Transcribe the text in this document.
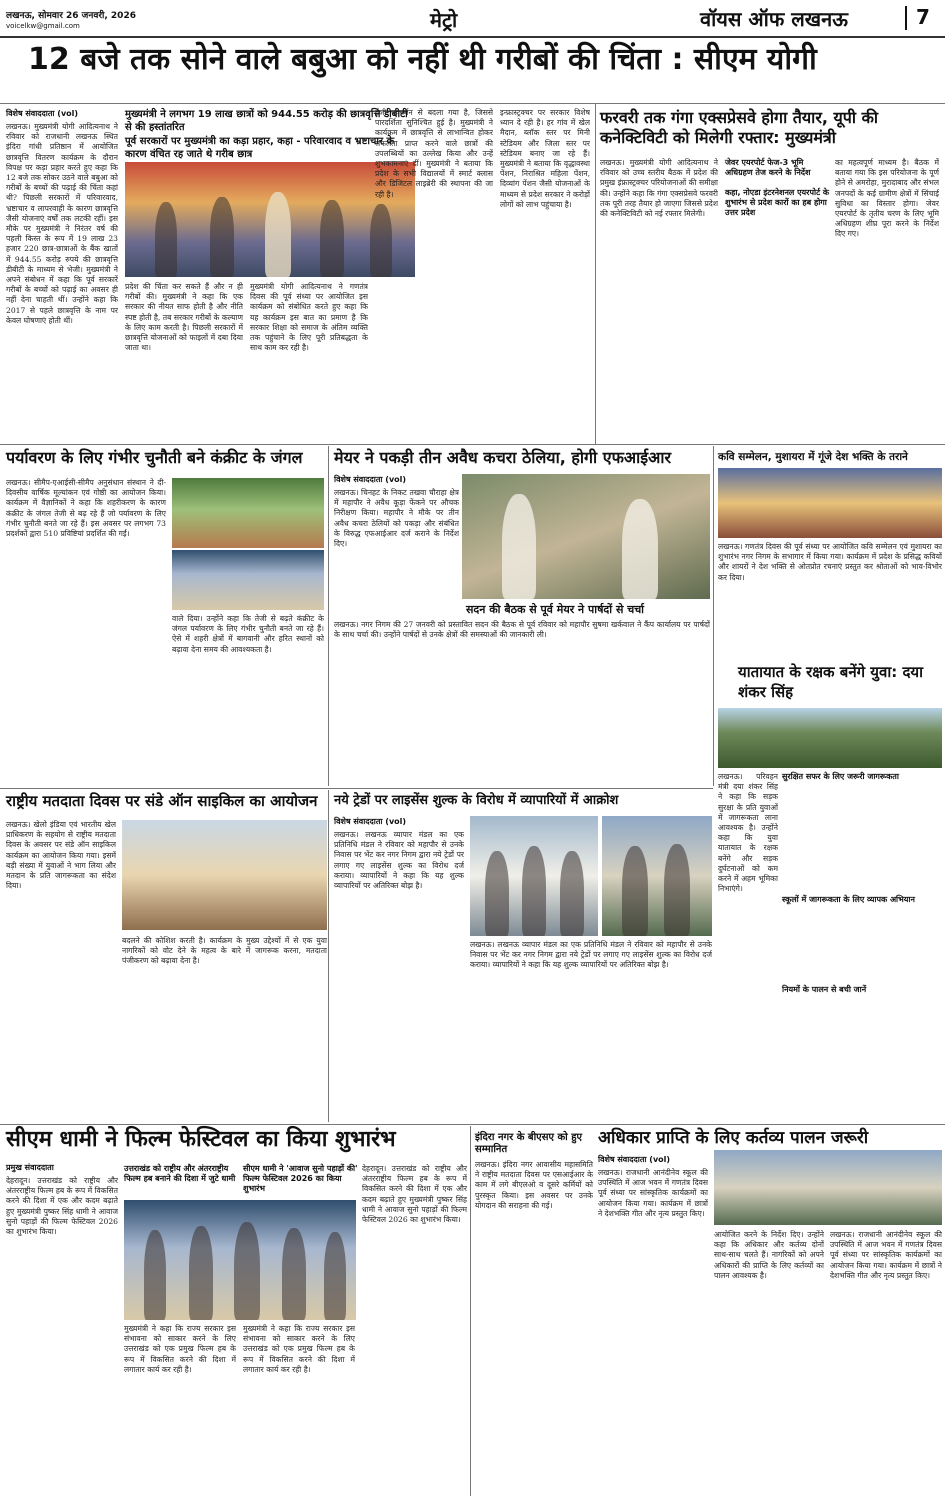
लखनऊ, सोमवार 26 जनवरी, 2026
voicelkw@gmail.com	मेट्रो	वॉयस ऑफ लखनऊ	7
12 बजे तक सोने वाले बबुआ को नहीं थी गरीबों की चिंता : सीएम योगी
विशेष संवाददाता (vol)
लखनऊ। मुख्यमंत्री योगी आदित्यनाथ ने रविवार को राजधानी लखनऊ स्थित इंदिरा गांधी प्रतिष्ठान में आयोजित छात्रवृत्ति वितरण कार्यक्रम के दौरान विपक्ष पर कड़ा प्रहार करते हुए कहा कि 12 बजे तक सोकर उठने वाले बबुआ को गरीबों के बच्चों की पढ़ाई की चिंता कहां थी? पिछली सरकारों में परिवारवाद, भ्रष्टाचार व लापरवाही के कारण छात्रवृत्ति जैसी योजनाएं वर्षों तक लटकी रहीं। इस मौके पर मुख्यमंत्री ने निरंतर वर्ष की पहली किस्त के रूप में 19 लाख 23 हजार 220 छात्र-छात्राओं के बैंक खातों में 944.55 करोड़ रुपये की छात्रवृत्ति डीबीटी के माध्यम से भेजी। मुख्यमंत्री ने अपने संबोधन में कहा कि पूर्व सरकारें गरीबों के बच्चों को पढ़ाई का अवसर ही नहीं देना चाहती थीं। उन्होंने कहा कि 2017 से पहले छात्रवृत्ति के नाम पर केवल घोषणाएं होती थीं।
मुख्यमंत्री ने लगभग 19 लाख छात्रों को 944.55 करोड़ की छात्रवृत्ति डीबीटी से की हस्तांतरित
पूर्व सरकारों पर मुख्यमंत्री का कड़ा प्रहार, कहा - परिवारवाद व भ्रष्टाचार के कारण वंचित रह जाते थे गरीब छात्र
प्रदेश की चिंता कर सकते हैं और न ही गरीबों की। मुख्यमंत्री ने कहा कि एक सरकार की नीयत साफ होती है और नीति स्पष्ट होती है, तब सरकार गरीबों के कल्याण के लिए काम करती है। पिछली सरकारों में छात्रवृत्ति योजनाओं को फाइलों में दबा दिया जाता था।
मुख्यमंत्री योगी आदित्यनाथ ने गणतंत्र दिवस की पूर्व संध्या पर आयोजित इस कार्यक्रम को संबोधित करते हुए कहा कि यह कार्यक्रम इस बात का प्रमाण है कि सरकार शिक्षा को समाज के अंतिम व्यक्ति तक पहुंचाने के लिए पूरी प्रतिबद्धता के साथ काम कर रही है।
ईजी नवनर्मन से बदला गया है, जिससे पारदर्शिता सुनिश्चित हुई है। मुख्यमंत्री ने कार्यक्रम में छात्रवृत्ति से लाभान्वित होकर सफलता प्राप्त करने वाले छात्रों की उपलब्धियों का उल्लेख किया और उन्हें शुभकामनाएं दीं। मुख्यमंत्री ने बताया कि प्रदेश के सभी विद्यालयों में स्मार्ट क्लास और डिजिटल लाइब्रेरी की स्थापना की जा रही है।
इन्फ्रास्ट्रक्चर पर सरकार विशेष ध्यान दे रही है। हर गांव में खेल मैदान, ब्लॉक स्तर पर मिनी स्टेडियम और जिला स्तर पर स्टेडियम बनाए जा रहे हैं। मुख्यमंत्री ने बताया कि वृद्धावस्था पेंशन, निराश्रित महिला पेंशन, दिव्यांग पेंशन जैसी योजनाओं के माध्यम से प्रदेश सरकार ने करोड़ों लोगों को लाभ पहुंचाया है।
फरवरी तक गंगा एक्सप्रेसवे होगा तैयार, यूपी की कनेक्टिविटी को मिलेगी रफ्तार: मुख्यमंत्री
लखनऊ। मुख्यमंत्री योगी आदित्यनाथ ने रविवार को उच्च स्तरीय बैठक में प्रदेश की प्रमुख इंफ्रास्ट्रक्चर परियोजनाओं की समीक्षा की। उन्होंने कहा कि गंगा एक्सप्रेसवे फरवरी तक पूरी तरह तैयार हो जाएगा जिससे प्रदेश की कनेक्टिविटी को नई रफ्तार मिलेगी।
जेवर एयरपोर्ट फेज-3 भूमि अधिग्रहण तेज करने के निर्देश
कहा, नोएडा इंटरनेशनल एयरपोर्ट के शुभारंभ से प्रदेश कारों का हब होगा उत्तर प्रदेश
का महत्वपूर्ण माध्यम है। बैठक में बताया गया कि इस परियोजना के पूर्ण होने से अमरोहा, मुरादाबाद और संभल जनपदों के कई ग्रामीण क्षेत्रों में सिंचाई सुविधा का विस्तार होगा। जेवर एयरपोर्ट के तृतीय चरण के लिए भूमि अधिग्रहण शीघ्र पूरा करने के निर्देश दिए गए।
पर्यावरण के लिए गंभीर चुनौती बने कंक्रीट के जंगल
लखनऊ। सीमैप-एआईसी-सीमैप अनुसंधान संस्थान ने दी-दिवसीय वार्षिक मूल्यांकन एवं गोष्ठी का आयोजन किया। कार्यक्रम में वैज्ञानिकों ने कहा कि शहरीकरण के कारण कंक्रीट के जंगल तेजी से बढ़ रहे हैं जो पर्यावरण के लिए गंभीर चुनौती बनते जा रहे हैं। इस अवसर पर लगभग 73 प्रदर्शकों द्वारा 510 प्रविष्टियां प्रदर्शित की गईं।
वाले दिया। उन्होंने कहा कि तेजी से बढ़ते कंक्रीट के जंगल पर्यावरण के लिए गंभीर चुनौती बनते जा रहे हैं। ऐसे में शहरी क्षेत्रों में बागवानी और हरित स्थानों को बढ़ावा देना समय की आवश्यकता है।
मेयर ने पकड़ी तीन अवैध कचरा ठेलिया, होगी एफआईआर
विशेष संवाददाता (vol)
लखनऊ। चिनहट के निकट तखवा चौराहा क्षेत्र में महापौर ने अवैध कूड़ा फेंकने पर औचक निरीक्षण किया। महापौर ने मौके पर तीन अवैध कचरा ठेलियों को पकड़ा और संबंधित के विरुद्ध एफआईआर दर्ज कराने के निर्देश दिए।
सदन की बैठक से पूर्व मेयर ने पार्षदों से चर्चा
लखनऊ। नगर निगम की 27 जनवरी को प्रस्तावित सदन की बैठक से पूर्व रविवार को महापौर सुषमा खर्कवाल ने कैंप कार्यालय पर पार्षदों के साथ चर्चा की। उन्होंने पार्षदों से उनके क्षेत्रों की समस्याओं की जानकारी ली।
कवि सम्मेलन, मुशायरा में गूंजे देश भक्ति के तराने
लखनऊ। गणतंत्र दिवस की पूर्व संध्या पर आयोजित कवि सम्मेलन एवं मुशायरा का शुभारंभ नगर निगम के सभागार में किया गया। कार्यक्रम में प्रदेश के प्रसिद्ध कवियों और शायरों ने देश भक्ति से ओतप्रोत रचनाएं प्रस्तुत कर श्रोताओं को भाव-विभोर कर दिया।
यातायात के रक्षक बनेंगे युवा: दया शंकर सिंह
लखनऊ। परिवहन मंत्री दया शंकर सिंह ने कहा कि सड़क सुरक्षा के प्रति युवाओं में जागरूकता लाना आवश्यक है। उन्होंने कहा कि युवा यातायात के रक्षक बनेंगे और सड़क दुर्घटनाओं को कम करने में अहम भूमिका निभाएंगे।
सुरक्षित सफर के लिए जरूरी जागरूकता
स्कूलों में जागरूकता के लिए व्यापक अभियान
नियमों के पालन से बची जानें
राष्ट्रीय मतदाता दिवस पर संडे ऑन साइकिल का आयोजन
लखनऊ। खेलो इंडिया एवं भारतीय खेल प्राधिकरण के सहयोग से राष्ट्रीय मतदाता दिवस के अवसर पर संडे ऑन साइकिल कार्यक्रम का आयोजन किया गया। इसमें बड़ी संख्या में युवाओं ने भाग लिया और मतदान के प्रति जागरूकता का संदेश दिया।
बदलने की कोशिश करती है। कार्यक्रम के मुख्य उद्देश्यों में से एक युवा नागरिकों को वोट देने के महत्व के बारे में जागरूक करना, मतदाता पंजीकरण को बढ़ावा देना है।
नये ट्रेडों पर लाइसेंस शुल्क के विरोध में व्यापारियों में आक्रोश
विशेष संवाददाता (vol)
लखनऊ। लखनऊ व्यापार मंडल का एक प्रतिनिधि मंडल ने रविवार को महापौर से उनके निवास पर भेंट कर नगर निगम द्वारा नये ट्रेडों पर लगाए गए लाइसेंस शुल्क का विरोध दर्ज कराया। व्यापारियों ने कहा कि यह शुल्क व्यापारियों पर अतिरिक्त बोझ है।
लखनऊ। लखनऊ व्यापार मंडल का एक प्रतिनिधि मंडल ने रविवार को महापौर से उनके निवास पर भेंट कर नगर निगम द्वारा नये ट्रेडों पर लगाए गए लाइसेंस शुल्क का विरोध दर्ज कराया। व्यापारियों ने कहा कि यह शुल्क व्यापारियों पर अतिरिक्त बोझ है।
सीएम धामी ने फिल्म फेस्टिवल का किया शुभारंभ
प्रमुख संवाददाता
देहरादून। उत्तराखंड को राष्ट्रीय और अंतरराष्ट्रीय फिल्म हब के रूप में विकसित करने की दिशा में एक और कदम बढ़ाते हुए मुख्यमंत्री पुष्कर सिंह धामी ने आवाज सुनो पहाड़ों की फिल्म फेस्टिवल 2026 का शुभारंभ किया।
उत्तराखंड को राष्ट्रीय और अंतरराष्ट्रीय फिल्म हब बनाने की दिशा में जुटे धामी
सीएम धामी ने 'आवाज सुनो पहाड़ों की' फिल्म फेस्टिवल 2026 का किया शुभारंभ
मुख्यमंत्री ने कहा कि राज्य सरकार इस संभावना को साकार करने के लिए उत्तराखंड को एक प्रमुख फिल्म हब के रूप में विकसित करने की दिशा में लगातार कार्य कर रही है।
मुख्यमंत्री ने कहा कि राज्य सरकार इस संभावना को साकार करने के लिए उत्तराखंड को एक प्रमुख फिल्म हब के रूप में विकसित करने की दिशा में लगातार कार्य कर रही है।
देहरादून। उत्तराखंड को राष्ट्रीय और अंतरराष्ट्रीय फिल्म हब के रूप में विकसित करने की दिशा में एक और कदम बढ़ाते हुए मुख्यमंत्री पुष्कर सिंह धामी ने आवाज सुनो पहाड़ों की फिल्म फेस्टिवल 2026 का शुभारंभ किया।
इंदिरा नगर के बीएसए को हुए सम्मानित
लखनऊ। इंदिरा नगर आवासीय महासमिति ने राष्ट्रीय मतदाता दिवस पर एसआईआर के काम में लगे बीएलओ व दूसरे कर्मियों को पुरस्कृत किया। इस अवसर पर उनके योगदान की सराहना की गई।
अधिकार प्राप्ति के लिए कर्तव्य पालन जरूरी
विशेष संवाददाता (vol)
लखनऊ। राजधानी आनंदीनेव स्कूल की उपस्थिति में आज भवन में गणतंत्र दिवस पूर्व संध्या पर सांस्कृतिक कार्यक्रमों का आयोजन किया गया। कार्यक्रम में छात्रों ने देशभक्ति गीत और नृत्य प्रस्तुत किए।
आयोजित करने के निर्देश दिए। उन्होंने कहा कि अधिकार और कर्तव्य दोनों साथ-साथ चलते हैं। नागरिकों को अपने अधिकारों की प्राप्ति के लिए कर्तव्यों का पालन आवश्यक है।
लखनऊ। राजधानी आनंदीनेव स्कूल की उपस्थिति में आज भवन में गणतंत्र दिवस पूर्व संध्या पर सांस्कृतिक कार्यक्रमों का आयोजन किया गया। कार्यक्रम में छात्रों ने देशभक्ति गीत और नृत्य प्रस्तुत किए।
